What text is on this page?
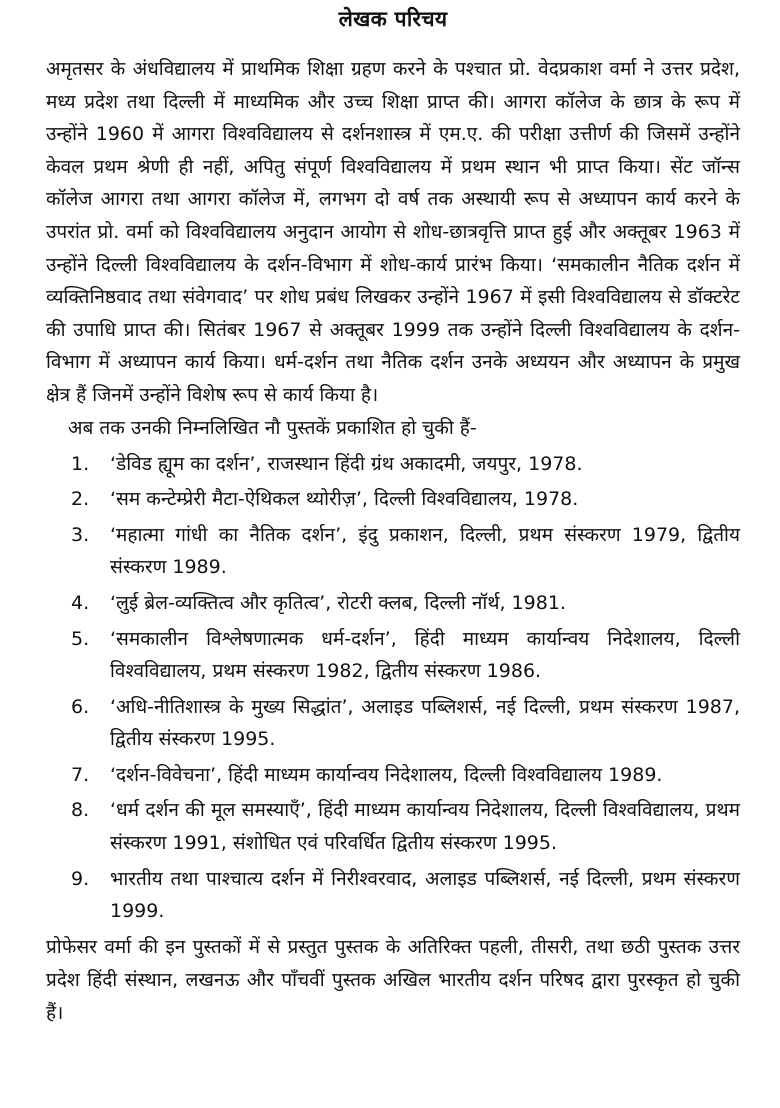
लेखक परिचय

अमृतसर के अंधविद्यालय में प्राथमिक शिक्षा ग्रहण करने के पश्चात प्रो. वेदप्रकाश वर्मा ने उत्तर प्रदेश, मध्य प्रदेश तथा दिल्ली में माध्यमिक और उच्च शिक्षा प्राप्त की। आगरा कॉलेज के छात्र के रूप में उन्होंने 1960 में आगरा विश्वविद्यालय से दर्शनशास्त्र में एम.ए. की परीक्षा उत्तीर्ण की जिसमें उन्होंने केवल प्रथम श्रेणी ही नहीं, अपितु संपूर्ण विश्वविद्यालय में प्रथम स्थान भी प्राप्त किया। सेंट जॉन्स कॉलेज आगरा तथा आगरा कॉलेज में, लगभग दो वर्ष तक अस्थायी रूप से अध्यापन कार्य करने के उपरांत प्रो. वर्मा को विश्वविद्यालय अनुदान आयोग से शोध-छात्रवृत्ति प्राप्त हुई और अक्तूबर 1963 में उन्होंने दिल्ली विश्वविद्यालय के दर्शन-विभाग में शोध-कार्य प्रारंभ किया। ‘समकालीन नैतिक दर्शन में व्यक्तिनिष्ठवाद तथा संवेगवाद’ पर शोध प्रबंध लिखकर उन्होंने 1967 में इसी विश्वविद्यालय से डॉक्टरेट की उपाधि प्राप्त की। सितंबर 1967 से अक्तूबर 1999 तक उन्होंने दिल्ली विश्वविद्यालय के दर्शन-विभाग में अध्यापन कार्य किया। धर्म-दर्शन तथा नैतिक दर्शन उनके अध्ययन और अध्यापन के प्रमुख क्षेत्र हैं जिनमें उन्होंने विशेष रूप से कार्य किया है।

अब तक उनकी निम्नलिखित नौ पुस्तकें प्रकाशित हो चुकी हैं-

1.	‘डेविड ह्यूम का दर्शन’, राजस्थान हिंदी ग्रंथ अकादमी, जयपुर, 1978.
2.	‘सम कन्टेम्प्रेरी मैटा-ऐथिकल थ्योरीज़’, दिल्ली विश्वविद्यालय, 1978.
3.	‘महात्मा गांधी का नैतिक दर्शन’, इंदु प्रकाशन, दिल्ली, प्रथम संस्करण 1979, द्वितीय संस्करण 1989.
4.	‘लुई ब्रेल-व्यक्तित्व और कृतित्व’, रोटरी क्लब, दिल्ली नॉर्थ, 1981.
5.	‘समकालीन विश्लेषणात्मक धर्म-दर्शन’, हिंदी माध्यम कार्यान्वय निदेशालय, दिल्ली विश्वविद्यालय, प्रथम संस्करण 1982, द्वितीय संस्करण 1986.
6.	‘अधि-नीतिशास्त्र के मुख्य सिद्धांत’, अलाइड पब्लिशर्स, नई दिल्ली, प्रथम संस्करण 1987, द्वितीय संस्करण 1995.
7.	‘दर्शन-विवेचना’, हिंदी माध्यम कार्यान्वय निदेशालय, दिल्ली विश्वविद्यालय 1989.
8.	‘धर्म दर्शन की मूल समस्याएँ’, हिंदी माध्यम कार्यान्वय निदेशालय, दिल्ली विश्वविद्यालय, प्रथम संस्करण 1991, संशोधित एवं परिवर्धित द्वितीय संस्करण 1995.
9.	भारतीय तथा पाश्चात्य दर्शन में निरीश्वरवाद, अलाइड पब्लिशर्स, नई दिल्ली, प्रथम संस्करण 1999.

प्रोफेसर वर्मा की इन पुस्तकों में से प्रस्तुत पुस्तक के अतिरिक्त पहली, तीसरी, तथा छठी पुस्तक उत्तर प्रदेश हिंदी संस्थान, लखनऊ और पाँचवीं पुस्तक अखिल भारतीय दर्शन परिषद द्वारा पुरस्कृत हो चुकी हैं।
